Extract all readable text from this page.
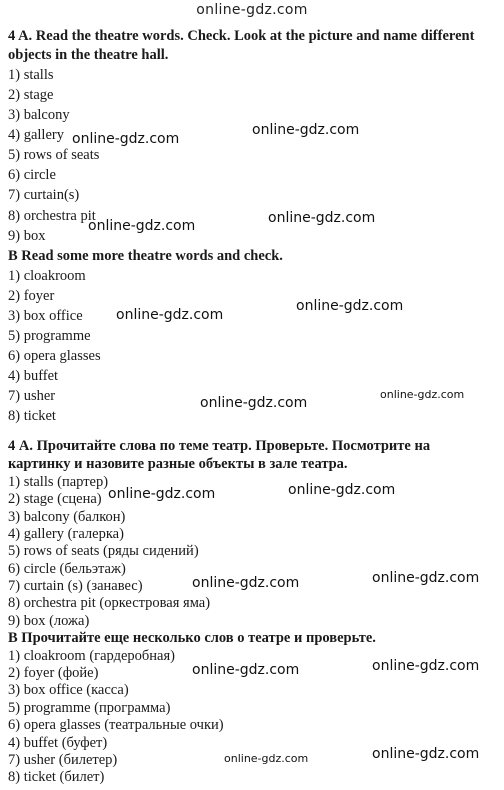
online-gdz.com
4 A. Read the theatre words. Check. Look at the picture and name different
objects in the theatre hall.
1) stalls
2) stage
3) balcony
4) gallery
5) rows of seats
6) circle
7) curtain(s)
8) orchestra pit
9) box
B Read some more theatre words and check.
1) cloakroom
2) foyer
3) box office
5) programme
6) opera glasses
4) buffet
7) usher
8) ticket
4 А. Прочитайте слова по теме театр. Проверьте. Посмотрите на
картинку и назовите разные объекты в зале театра.
1) stalls (партер)
2) stage (сцена)
3) balcony (балкон)
4) gallery (галерка)
5) rows of seats (ряды сидений)
6) circle (бельэтаж)
7) curtain (s) (занавес)
8) orchestra pit (оркестровая яма)
9) box (ложа)
В Прочитайте еще несколько слов о театре и проверьте.
1) cloakroom (гардеробная)
2) foyer (фойе)
3) box office (касса)
5) programme (программа)
6) opera glasses (театральные очки)
4) buffet (буфет)
7) usher (билетер)
8) ticket (билет)
online-gdz.com
online-gdz.com
online-gdz.com	online-gdz.com
online-gdz.com
online-gdz.com
online-gdz.com
online-gdz.com
online-gdz.com	online-gdz.com
online-gdz.com	online-gdz.com
online-gdz.com	online-gdz.com
online-gdz.com	online-gdz.com
